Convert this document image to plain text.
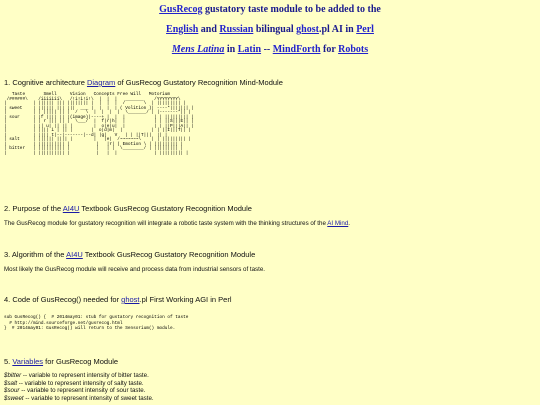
GusRecog gustatory taste module to be added to the
English and Russian bilingual ghost.pl AI in Perl
Mens Latina in Latin -- MindForth for Robots
1. Cognitive architecture Diagram of GusRecog Gustatory Recognition Mind-Module
Taste       Smell     Vision   Concepts Free Will   Motorium
/######\    /iiiiiii\   /!i!i!i!\  |  |  |   _______    /YYYYYYYY\
|          | |||||| ||| |||||||| |  |  |  |  /       \  | ||||||||| |
| sweet    | |||||| ||| |||  ___ |  |  |  | ( Volition )| ----*||||||| |
|          | | ||||| || |  /   \  |  |  |  |  \_______/ | |-------*|| |
| sour     | |f |||| || |(image)|----+ |  |  |           | | ||||||||| |
|          | | r ||| || |  \___/  |  f|r|h|  |           | | ||S|||E|| |
|          | || u| || || |        |  o|e|u|  |           | | ||P|||A|| |
|          | |||| i | || |       |  o|d|m|  |           | | ||I|||T|| |
|          | |||| t|--|-------|--d| |g|   V   | | ||T|||  || |
| salt     | |||||| |||| |        |   |e|  /~~~~~~~\    | | ||||||||| |
|          | |||||||||| |          |   |r| ( Emotion \ | ||||||||| |
| bitter   | |||||||||| |          |   | |  \________/ | ||||||||| |
|          | |||||||||| |          |   |  |              | ||||||||| |
2. Purpose of the AI4U Textbook GusRecog Gustatory Recognition Module

The GusRecog module for gustatory recognition will integrate a robotic taste system with the thinking structures of the AI Mind.

3. Algorithm of the AI4U Textbook GusRecog Gustatory Recognition Module

Most likely the GusRecog module will receive and process data from industrial sensors of taste.

4. Code of GusRecog() needed for ghost.pl First Working AGI in Perl
sub GusRecog() {  # 2014may01: stub for gustatory recognition of taste
# http://mind.sourceforge.net/gusrecog.html
}  # 2014may01: GusRecog() will return to the Sensorium() module.
5. Variables for GusRecog Module
$bitter -- variable to represent intensity of bitter taste.
$salt -- variable to represent intensity of salty taste.
$sour -- variable to represent intensity of sour taste.
$sweet -- variable to represent intensity of sweet taste.
